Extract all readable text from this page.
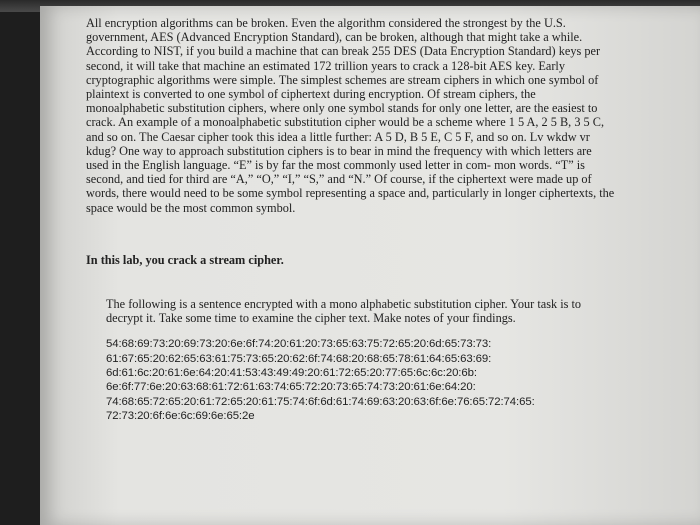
All encryption algorithms can be broken. Even the algorithm considered the strongest by the U.S. government, AES (Advanced Encryption Standard), can be broken, although that might take a while. According to NIST, if you build a machine that can break 255 DES (Data Encryption Standard) keys per second, it will take that machine an estimated 172 trillion years to crack a 128-bit AES key. Early cryptographic algorithms were simple. The simplest schemes are stream ciphers in which one symbol of plaintext is converted to one symbol of ciphertext during encryption. Of stream ciphers, the monoalphabetic substitution ciphers, where only one symbol stands for only one letter, are the easiest to crack. An example of a monoalphabetic substitution cipher would be a scheme where 1 5 A, 2 5 B, 3 5 C, and so on. The Caesar cipher took this idea a little further: A 5 D, B 5 E, C 5 F, and so on. Lv wkdw vr kdug? One way to approach substitution ciphers is to bear in mind the frequency with which letters are used in the English language. “E” is by far the most commonly used letter in com- mon words. “T” is second, and tied for third are “A,” “O,” “I,” “S,” and “N.” Of course, if the ciphertext were made up of words, there would need to be some symbol representing a space and, particularly in longer ciphertexts, the space would be the most common symbol.

In this lab, you crack a stream cipher.

The following is a sentence encrypted with a mono alphabetic substitution cipher. Your task is to decrypt it. Take some time to examine the cipher text. Make notes of your findings.

54:68:69:73:20:69:73:20:6e:6f:74:20:61:20:73:65:63:75:72:65:20:6d:65:73:73:
61:67:65:20:62:65:63:61:75:73:65:20:62:6f:74:68:20:68:65:78:61:64:65:63:69:
6d:61:6c:20:61:6e:64:20:41:53:43:49:49:20:61:72:65:20:77:65:6c:6c:20:6b:
6e:6f:77:6e:20:63:68:61:72:61:63:74:65:72:20:73:65:74:73:20:61:6e:64:20:
74:68:65:72:65:20:61:72:65:20:61:75:74:6f:6d:61:74:69:63:20:63:6f:6e:76:65:72:74:65:
72:73:20:6f:6e:6c:69:6e:65:2e
